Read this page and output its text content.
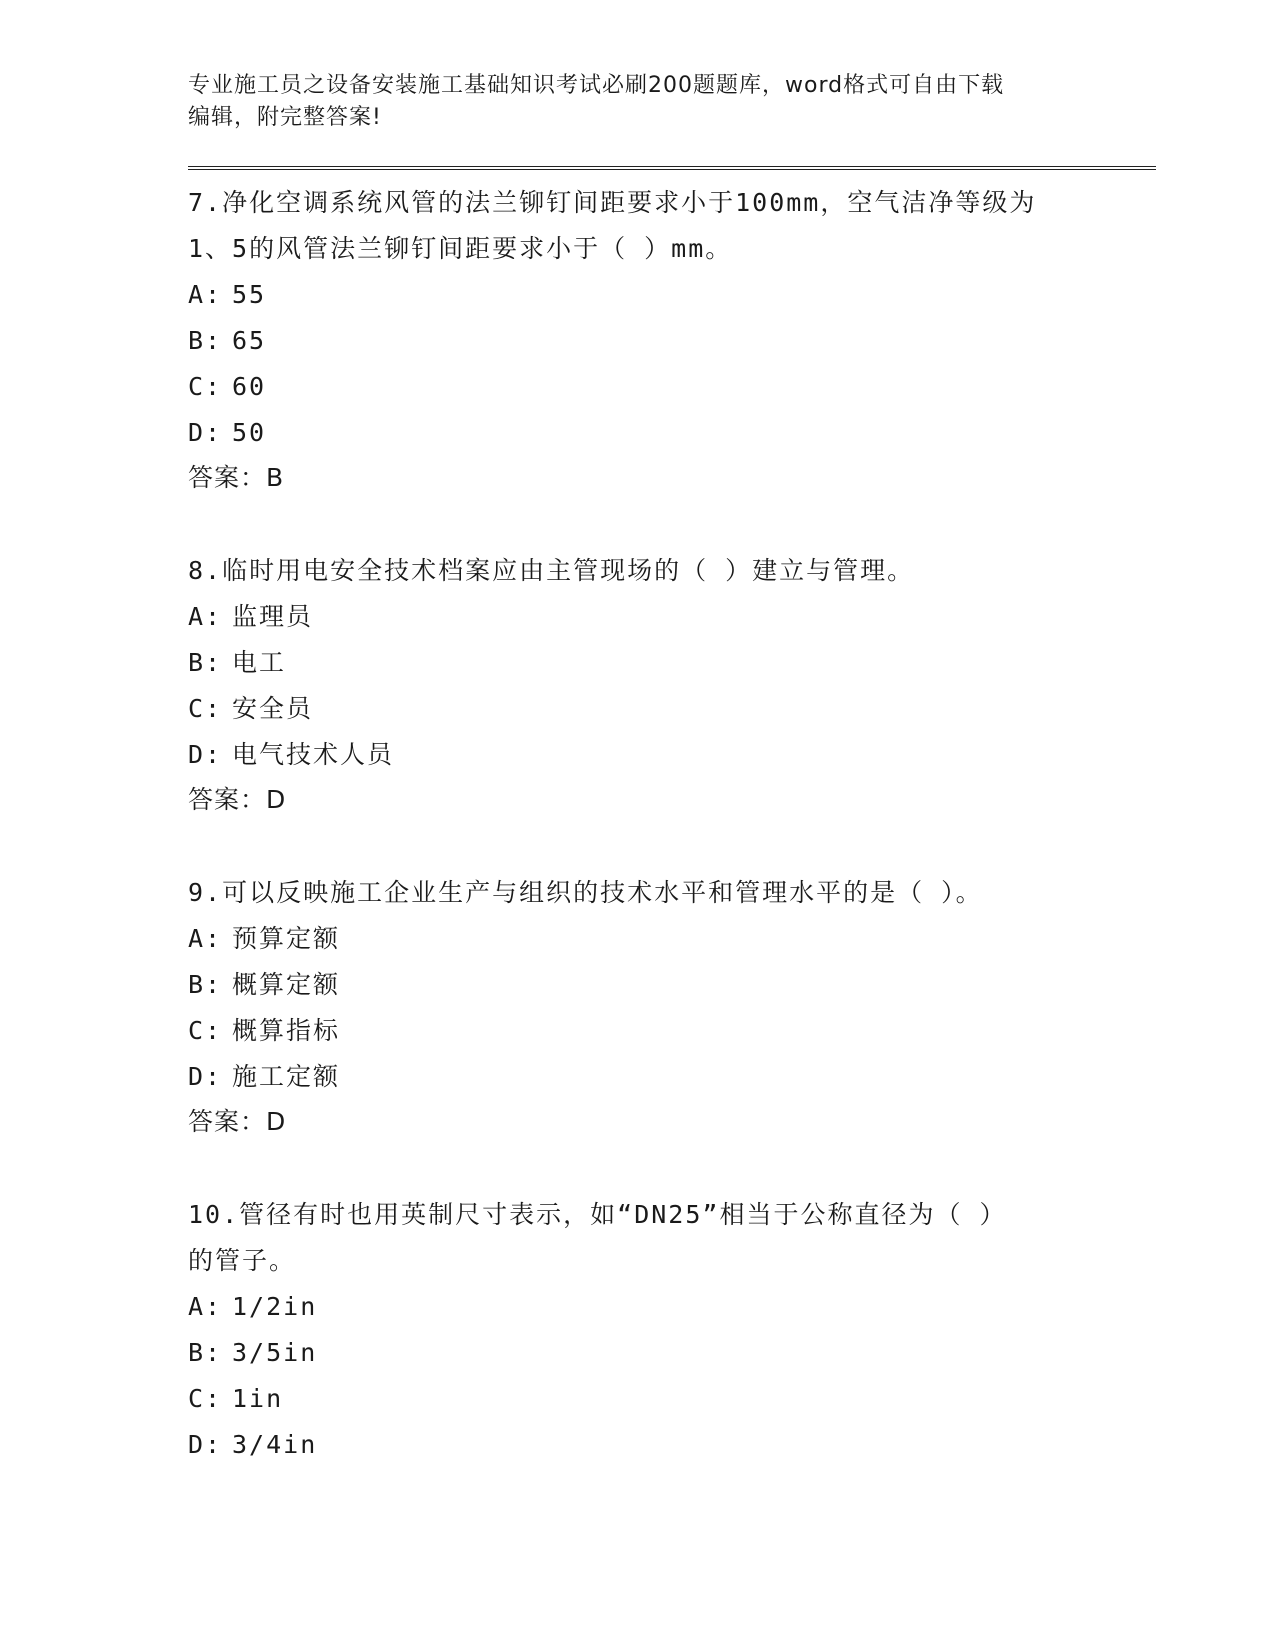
专业施工员之设备安装施工基础知识考试必刷200题题库，word格式可自由下载
编辑，附完整答案!
7.净化空调系统风管的法兰铆钉间距要求小于100mm，空气洁净等级为
1、5的风管法兰铆钉间距要求小于（ ）mm。
A: 55
B: 65
C: 60
D: 50
答案：B
8.临时用电安全技术档案应由主管现场的（ ）建立与管理。
A: 监理员
B: 电工
C: 安全员
D: 电气技术人员
答案：D
9.可以反映施工企业生产与组织的技术水平和管理水平的是（ ）。
A: 预算定额
B: 概算定额
C: 概算指标
D: 施工定额
答案：D
10.管径有时也用英制尺寸表示，如“DN25”相当于公称直径为（ ）
的管子。
A: 1/2in
B: 3/5in
C: 1in
D: 3/4in
